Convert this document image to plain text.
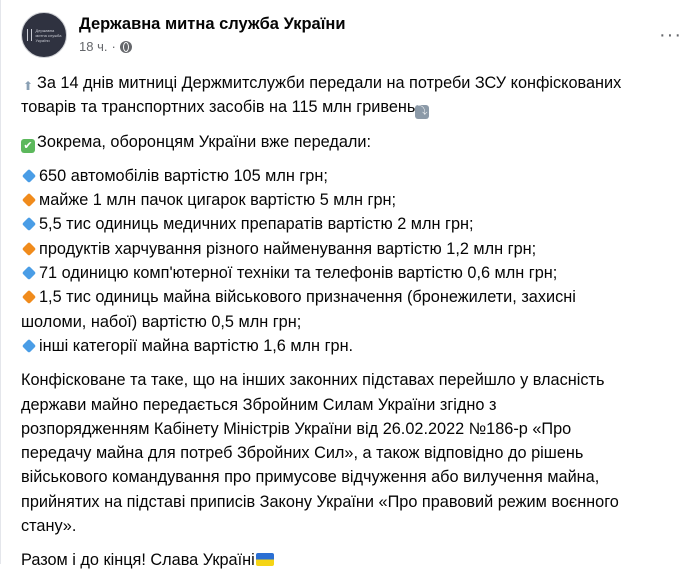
Державна
митна служба
України
Державна митна служба України
18 ч. ·
···
⬆ За 14 днів митниці Держмитслужби передали на потреби ЗСУ конфіскованих
товарів та транспортних засобів на 115 млн гривень ⤵
✔ Зокрема, оборонцям України вже передали:
650 автомобілів вартістю 105 млн грн;
майже 1 млн пачок цигарок вартістю 5 млн грн;
5,5 тис одиниць медичних препаратів вартістю 2 млн грн;
продуктів харчування різного найменування вартістю 1,2 млн грн;
71 одиницю комп'ютерної техніки та телефонів вартістю 0,6 млн грн;
1,5 тис одиниць майна військового призначення (бронежилети, захисні
шоломи, набої) вартістю 0,5 млн грн;
інші категорії майна вартістю 1,6 млн грн.
Конфісковане та таке, що на інших законних підставах перейшло у власність
держави майно передається Збройним Силам України згідно з
розпорядженням Кабінету Міністрів України від 26.02.2022 №186-р «Про
передачу майна для потреб Збройних Сил», а також відповідно до рішень
військового командування про примусове відчуження або вилучення майна,
прийнятих на підставі приписів Закону України «Про правовий режим воєнного
стану».
Разом і до кінця! Слава Україні
